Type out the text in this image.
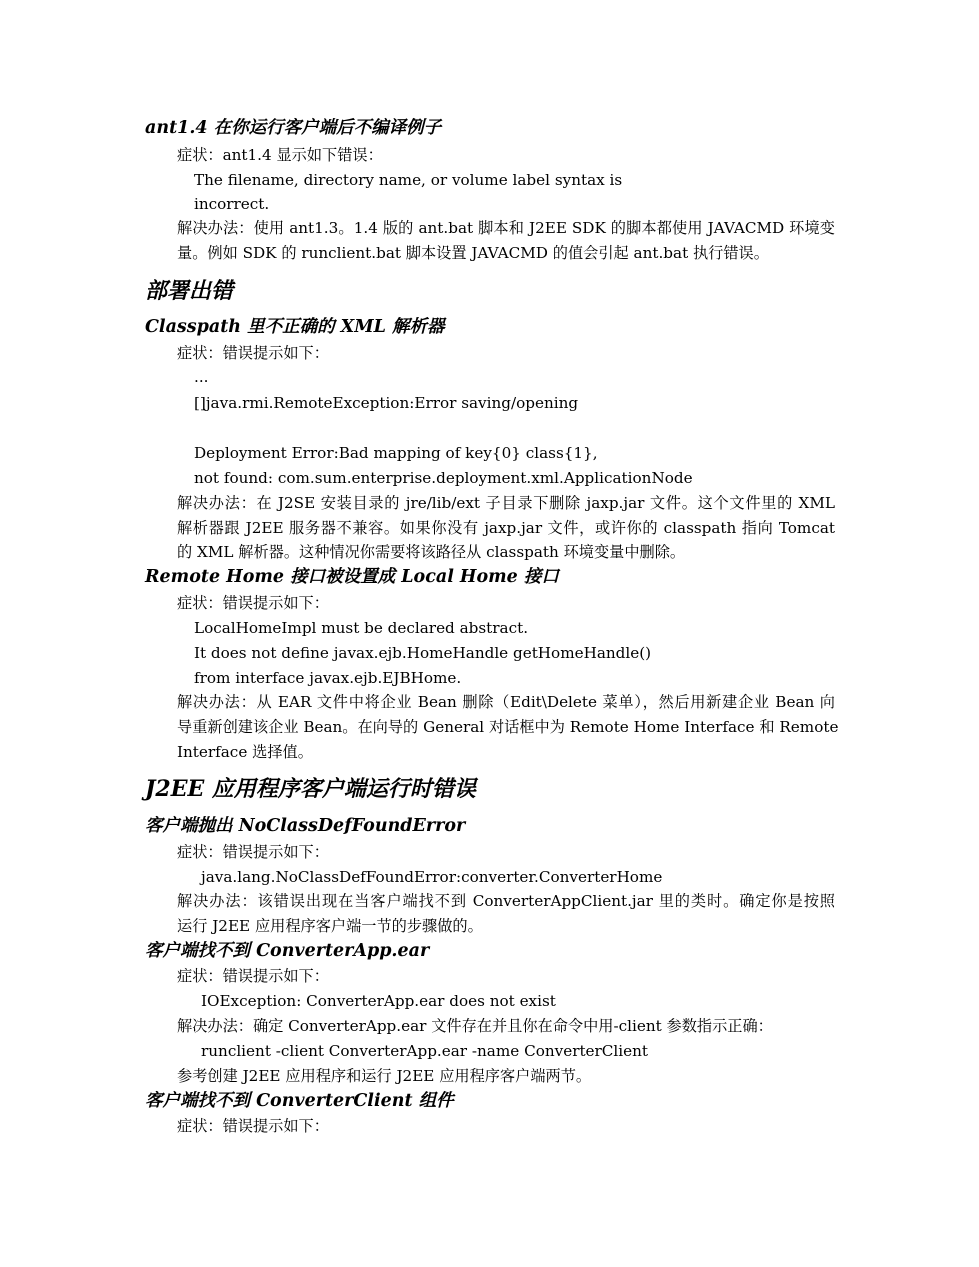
ant1.4 在你运行客户端后不编译例子
症状：ant1.4 显示如下错误：
The filename, directory name, or volume label syntax is
incorrect.
解决办法：使用 ant1.3。1.4 版的 ant.bat 脚本和 J2EE SDK 的脚本都使用 JAVACMD 环境变
量。例如 SDK 的 runclient.bat 脚本设置 JAVACMD 的值会引起 ant.bat 执行错误。
部署出错
Classpath 里不正确的 XML 解析器
症状：错误提示如下：
...
[]java.rmi.RemoteException:Error saving/opening
Deployment Error:Bad mapping of key{0} class{1},
not found: com.sum.enterprise.deployment.xml.ApplicationNode
解决办法：在 J2SE 安装目录的 jre/lib/ext 子目录下删除 jaxp.jar 文件。这个文件里的 XML
解析器跟 J2EE 服务器不兼容。如果你没有 jaxp.jar 文件，或许你的 classpath 指向 Tomcat
的 XML 解析器。这种情况你需要将该路径从 classpath 环境变量中删除。
Remote Home 接口被设置成 Local Home 接口
症状：错误提示如下：
LocalHomeImpl must be declared abstract.
It does not define javax.ejb.HomeHandle getHomeHandle()
from interface javax.ejb.EJBHome.
解决办法：从 EAR 文件中将企业 Bean 删除（Edit\Delete 菜单），然后用新建企业 Bean 向
导重新创建该企业 Bean。在向导的 General 对话框中为 Remote Home Interface 和 Remote
Interface 选择值。
J2EE 应用程序客户端运行时错误
客户端抛出 NoClassDefFoundError
症状：错误提示如下：
java.lang.NoClassDefFoundError:converter.ConverterHome
解决办法：该错误出现在当客户端找不到 ConverterAppClient.jar 里的类时。确定你是按照
运行 J2EE 应用程序客户端一节的步骤做的。
客户端找不到 ConverterApp.ear
症状：错误提示如下：
IOException: ConverterApp.ear does not exist
解决办法：确定 ConverterApp.ear 文件存在并且你在命令中用-client 参数指示正确：
runclient -client ConverterApp.ear -name ConverterClient
参考创建 J2EE 应用程序和运行 J2EE 应用程序客户端两节。
客户端找不到 ConverterClient 组件
症状：错误提示如下：
